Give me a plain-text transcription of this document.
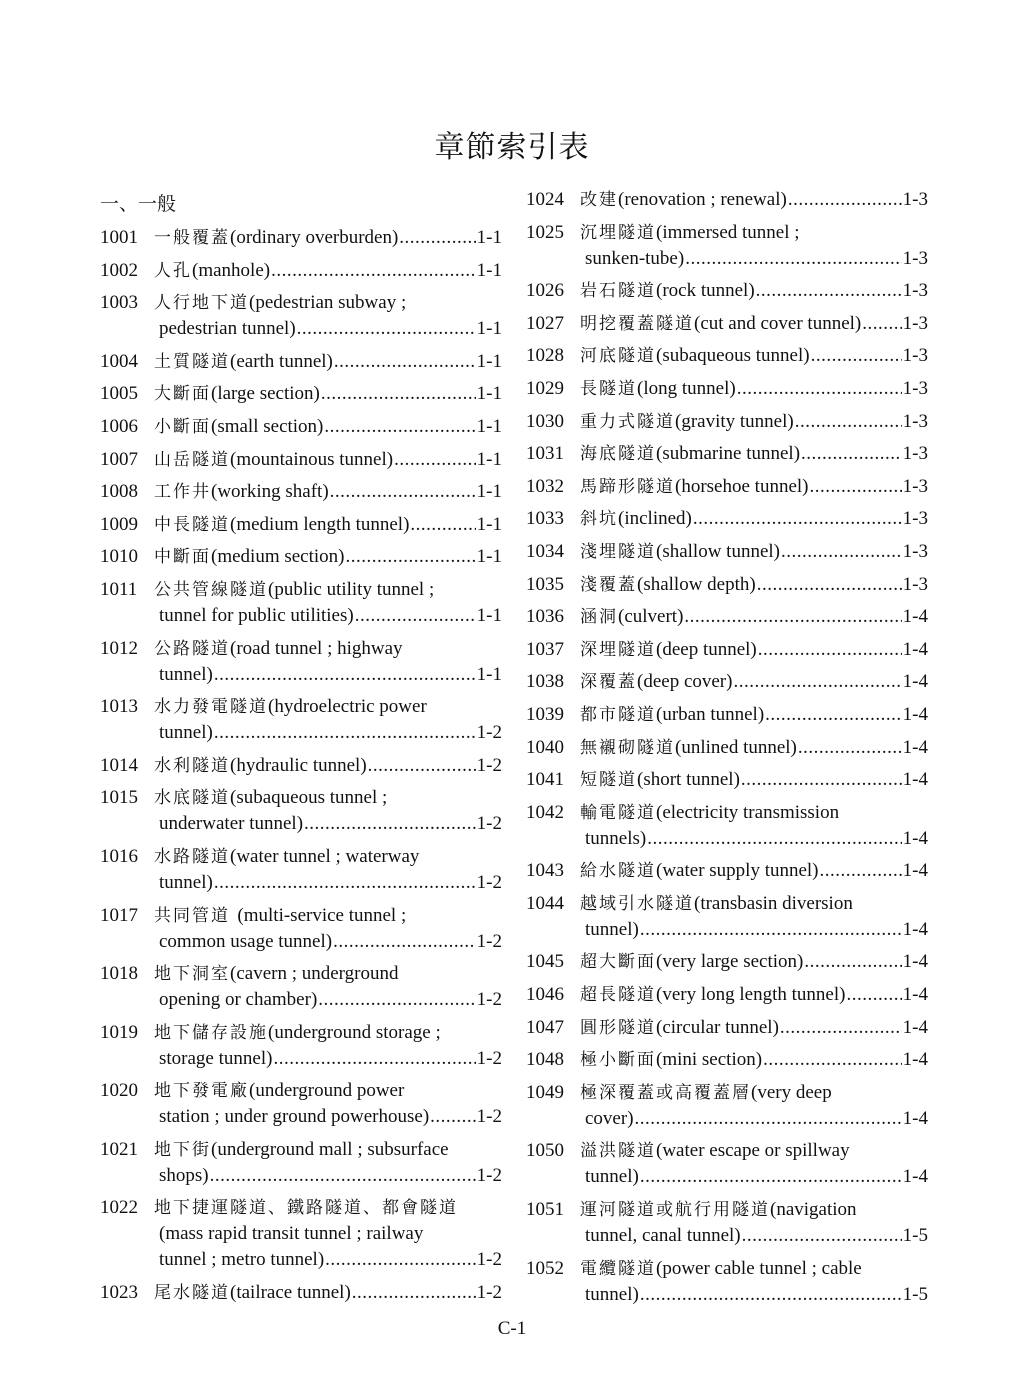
章節索引表
一、一般
1001 一般覆蓋(ordinary overburden) .....	1-1
1002 人孔(manhole) .....	1-1
1003 人行地下道(pedestrian subway ;
pedestrian tunnel) .....	1-1
1004 土質隧道(earth tunnel) .....	1-1
1005 大斷面(large section) .....	1-1
1006 小斷面(small section) .....	1-1
1007 山岳隧道(mountainous tunnel) .....	1-1
1008 工作井(working shaft) .....	1-1
1009 中長隧道(medium length tunnel) .....	1-1
1010 中斷面(medium section) .....	1-1
1011 公共管線隧道(public utility tunnel ;
tunnel for public utilities) .....	1-1
1012 公路隧道(road tunnel ; highway
tunnel) .....	1-1
1013 水力發電隧道(hydroelectric power
tunnel) .....	1-2
1014 水利隧道(hydraulic tunnel) .....	1-2
1015 水底隧道(subaqueous tunnel ;
underwater tunnel) .....	1-2
1016 水路隧道(water tunnel ; waterway
tunnel) .....	1-2
1017 共同管道 (multi-service tunnel ;
common usage tunnel) .....	1-2
1018 地下洞室(cavern ; underground
opening or chamber) .....	1-2
1019 地下儲存設施(underground storage ;
storage tunnel) .....	1-2
1020 地下發電廠(underground power
station ; under ground powerhouse) .....	1-2
1021 地下街(underground mall ; subsurface
shops) .....	1-2
1022 地下捷運隧道、鐵路隧道、都會隧道
(mass rapid transit tunnel ; railway
tunnel ; metro tunnel) .....	1-2
1023 尾水隧道(tailrace tunnel) .....	1-2
1024 改建(renovation ; renewal) .....	1-3
1025 沉埋隧道(immersed tunnel ;
sunken-tube) .....	1-3
1026 岩石隧道(rock tunnel) .....	1-3
1027 明挖覆蓋隧道(cut and cover tunnel) ..... 1-3
1028 河底隧道(subaqueous tunnel) .....	1-3
1029 長隧道(long tunnel) .....	1-3
1030 重力式隧道(gravity tunnel) .....	1-3
1031 海底隧道(submarine tunnel) .....	1-3
1032 馬蹄形隧道(horsehoe tunnel) .....	1-3
1033 斜坑(inclined) .....	1-3
1034 淺埋隧道(shallow tunnel) .....	1-3
1035 淺覆蓋(shallow depth) .....	1-3
1036 涵洞(culvert) .....	1-4
1037 深埋隧道(deep tunnel) .....	1-4
1038 深覆蓋(deep cover) .....	1-4
1039 都市隧道(urban tunnel) .....	1-4
1040 無襯砌隧道(unlined tunnel) .....	1-4
1041 短隧道(short tunnel) .....	1-4
1042 輸電隧道(electricity transmission
tunnels) .....	1-4
1043 給水隧道(water supply tunnel) .....	1-4
1044 越域引水隧道(transbasin diversion
tunnel) .....	1-4
1045 超大斷面(very large section) .....	1-4
1046 超長隧道(very long length tunnel) .....	1-4
1047 圓形隧道(circular tunnel) .....	1-4
1048 極小斷面(mini section) .....	1-4
1049 極深覆蓋或高覆蓋層(very deep
cover) .....	1-4
1050 溢洪隧道(water escape or spillway
tunnel) .....	1-4
1051 運河隧道或航行用隧道(navigation
tunnel, canal tunnel) .....	1-5
1052 電纜隧道(power cable tunnel ; cable
tunnel) .....	1-5
C-1
